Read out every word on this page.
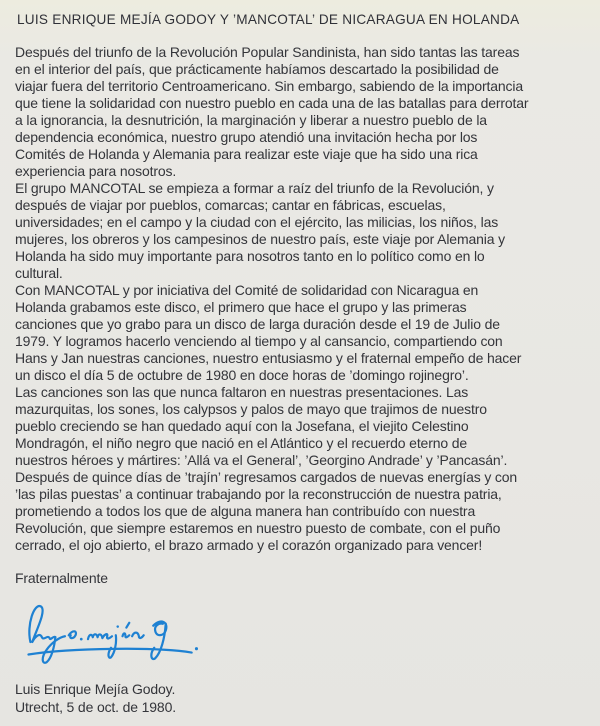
LUIS ENRIQUE MEJÍA GODOY Y ’MANCOTAL’ DE NICARAGUA EN HOLANDA
Después del triunfo de la Revolución Popular Sandinista, han sido tantas las tareas
en el interior del país, que prácticamente habíamos descartado la posibilidad de
viajar fuera del territorio Centroamericano. Sin embargo, sabiendo de la importancia
que tiene la solidaridad con nuestro pueblo en cada una de las batallas para derrotar
a la ignorancia, la desnutrición, la marginación y liberar a nuestro pueblo de la
dependencia económica, nuestro grupo atendió una invitación hecha por los
Comités de Holanda y Alemania para realizar este viaje que ha sido una rica
experiencia para nosotros.
El grupo MANCOTAL se empieza a formar a raíz del triunfo de la Revolución, y
después de viajar por pueblos, comarcas; cantar en fábricas, escuelas,
universidades; en el campo y la ciudad con el ejército, las milicias, los niños, las
mujeres, los obreros y los campesinos de nuestro país, este viaje por Alemania y
Holanda ha sido muy importante para nosotros tanto en lo político como en lo
cultural.
Con MANCOTAL y por iniciativa del Comité de solidaridad con Nicaragua en
Holanda grabamos este disco, el primero que hace el grupo y las primeras
canciones que yo grabo para un disco de larga duración desde el 19 de Julio de
1979. Y logramos hacerlo venciendo al tiempo y al cansancio, compartiendo con
Hans y Jan nuestras canciones, nuestro entusiasmo y el fraternal empeño de hacer
un disco el día 5 de octubre de 1980 en doce horas de ’domingo rojinegro’.
Las canciones son las que nunca faltaron en nuestras presentaciones. Las
mazurquitas, los sones, los calypsos y palos de mayo que trajimos de nuestro
pueblo creciendo se han quedado aquí con la Josefana, el viejito Celestino
Mondragón, el niño negro que nació en el Atlántico y el recuerdo eterno de
nuestros héroes y mártires: ’Allá va el General’, ’Georgino Andrade’ y ’Pancasán’.
Después de quince días de ’trajín’ regresamos cargados de nuevas energías y con
’las pilas puestas’ a continuar trabajando por la reconstrucción de nuestra patria,
prometiendo a todos los que de alguna manera han contribuído con nuestra
Revolución, que siempre estaremos en nuestro puesto de combate, con el puño
cerrado, el ojo abierto, el brazo armado y el corazón organizado para vencer!
Fraternalmente
Luis Enrique Mejía Godoy.
Utrecht, 5 de oct. de 1980.
